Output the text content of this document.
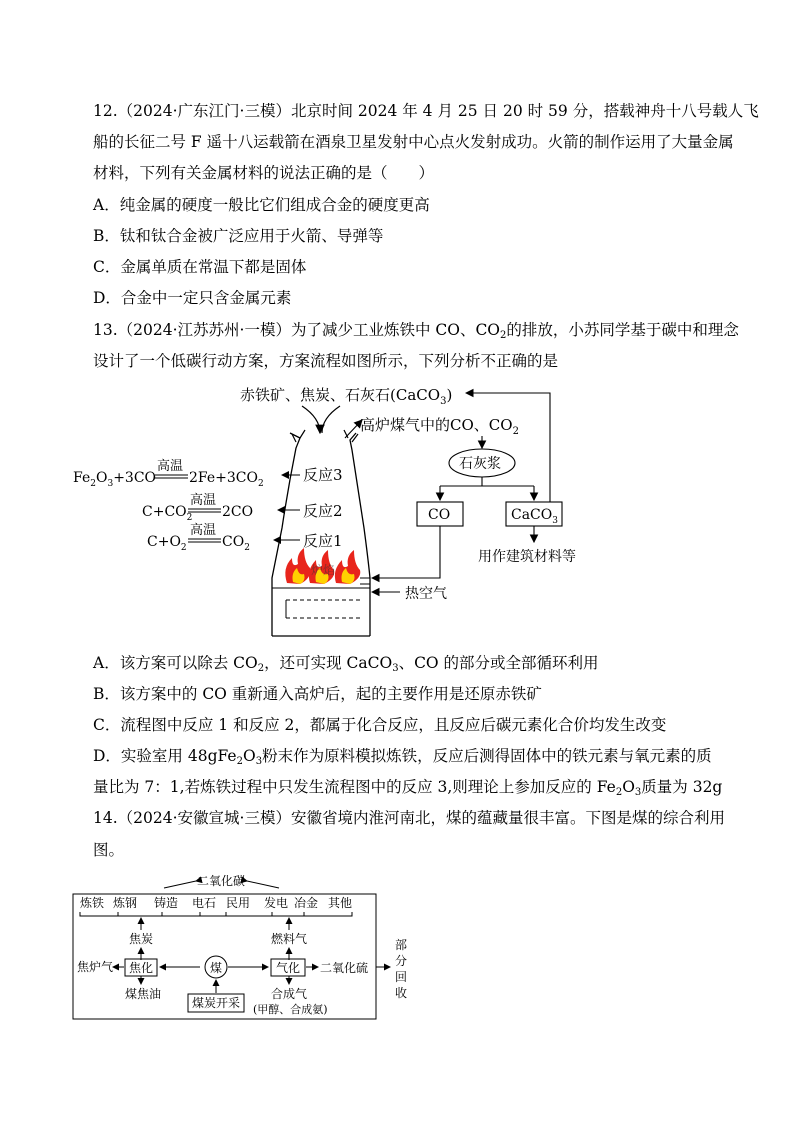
12.（2024·广东江门·三模）北京时间 2024 年 4 月 25 日 20 时 59 分，搭载神舟十八号载人飞
船的长征二号 F 遥十八运载箭在酒泉卫星发射中心点火发射成功。火箭的制作运用了大量金属
材料，下列有关金属材料的说法正确的是（　　）
A．纯金属的硬度一般比它们组成合金的硬度更高
B．钛和钛合金被广泛应用于火箭、导弹等
C．金属单质在常温下都是固体
D．合金中一定只含金属元素
13.（2024·江苏苏州·一模）为了减少工业炼铁中 CO、$CO_2$的排放，小苏同学基于碳中和理念
设计了一个低碳行动方案，方案流程如图所示，下列分析不正确的是
赤铁矿、焦炭、石灰石(CaCO$_3$)
高炉煤气中的CO、$CO_2$
炉焰
反应3
反应2
反应1
$Fe_2O_3+3CO$
高温
$2Fe+3CO_2$
$C+CO_2$
高温
2CO
$C+O_2$
高温
$CO_2$
石灰浆
CO	CaCO$_3$
用作建筑材料等
热空气
A．该方案可以除去 $CO_2$，还可实现 CaCO$_3$、CO 的部分或全部循环利用
B．该方案中的 CO 重新通入高炉后，起的主要作用是还原赤铁矿
C．流程图中反应 1 和反应 2，都属于化合反应，且反应后碳元素化合价均发生改变
D．实验室用 $48gFe_2O_3$粉末作为原料模拟炼铁，反应后测得固体中的铁元素与氧元素的质
量比为 7：1,若炼铁过程中只发生流程图中的反应 3,则理论上参加反应的 $Fe_2O_3$质量为 32g
14.（2024·安徽宣城·三模）安徽省境内淮河南北，煤的蕴藏量很丰富。下图是煤的综合利用
图。
二氧化碳
炼铁 炼钢 铸造 电石 民用 发电 冶金 其他
焦炭	燃料气
焦炉气 焦化	煤	气化 二氧化硫
部
分
回
收
煤焦油
煤炭开采
合成气
(甲醇、合成氨)
